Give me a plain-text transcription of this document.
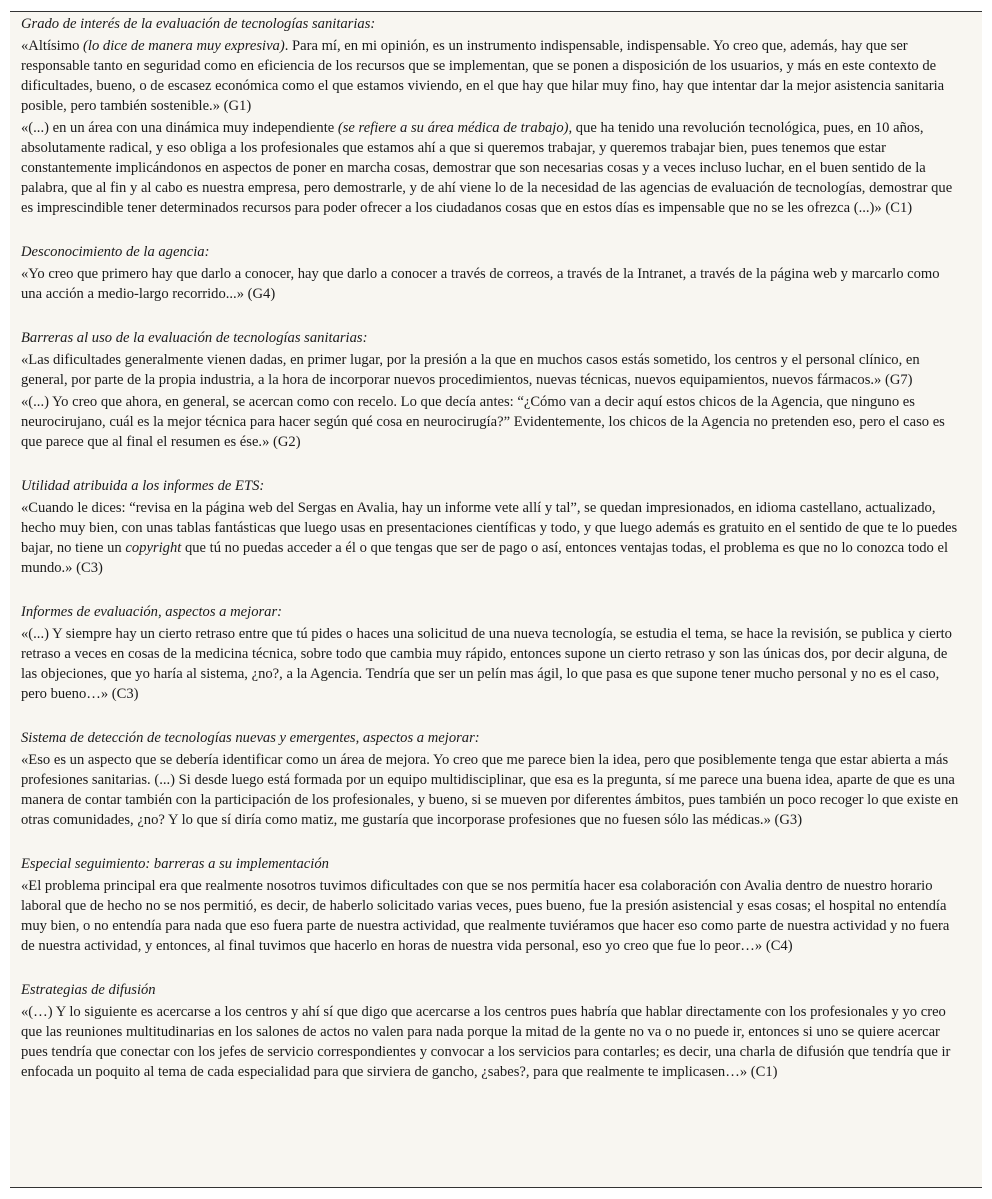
Grado de interés de la evaluación de tecnologías sanitarias:

«Altísimo (lo dice de manera muy expresiva). Para mí, en mi opinión, es un instrumento indispensable, indispensable. Yo creo que, además, hay que ser responsable tanto en seguridad como en eficiencia de los recursos que se implementan, que se ponen a disposición de los usuarios, y más en este contexto de dificultades, bueno, o de escasez económica como el que estamos viviendo, en el que hay que hilar muy fino, hay que intentar dar la mejor asistencia sanitaria posible, pero también sostenible.» (G1)

«(...) en un área con una dinámica muy independiente (se refiere a su área médica de trabajo), que ha tenido una revolución tecnológica, pues, en 10 años, absolutamente radical, y eso obliga a los profesionales que estamos ahí a que si queremos trabajar, y queremos trabajar bien, pues tenemos que estar constantemente implicándonos en aspectos de poner en marcha cosas, demostrar que son necesarias cosas y a veces incluso luchar, en el buen sentido de la palabra, que al fin y al cabo es nuestra empresa, pero demostrarle, y de ahí viene lo de la necesidad de las agencias de evaluación de tecnologías, demostrar que es imprescindible tener determinados recursos para poder ofrecer a los ciudadanos cosas que en estos días es impensable que no se les ofrezca (...)» (C1)

Desconocimiento de la agencia:

«Yo creo que primero hay que darlo a conocer, hay que darlo a conocer a través de correos, a través de la Intranet, a través de la página web y marcarlo como una acción a medio-largo recorrido...» (G4)

Barreras al uso de la evaluación de tecnologías sanitarias:

«Las dificultades generalmente vienen dadas, en primer lugar, por la presión a la que en muchos casos estás sometido, los centros y el personal clínico, en general, por parte de la propia industria, a la hora de incorporar nuevos procedimientos, nuevas técnicas, nuevos equipamientos, nuevos fármacos.» (G7)

«(...) Yo creo que ahora, en general, se acercan como con recelo. Lo que decía antes: “¿Cómo van a decir aquí estos chicos de la Agencia, que ninguno es neurocirujano, cuál es la mejor técnica para hacer según qué cosa en neurocirugía?” Evidentemente, los chicos de la Agencia no pretenden eso, pero el caso es que parece que al final el resumen es ése.» (G2)

Utilidad atribuida a los informes de ETS:

«Cuando le dices: “revisa en la página web del Sergas en Avalia, hay un informe vete allí y tal”, se quedan impresionados, en idioma castellano, actualizado, hecho muy bien, con unas tablas fantásticas que luego usas en presentaciones científicas y todo, y que luego además es gratuito en el sentido de que te lo puedes bajar, no tiene un copyright que tú no puedas acceder a él o que tengas que ser de pago o así, entonces ventajas todas, el problema es que no lo conozca todo el mundo.» (C3)

Informes de evaluación, aspectos a mejorar:

«(...) Y siempre hay un cierto retraso entre que tú pides o haces una solicitud de una nueva tecnología, se estudia el tema, se hace la revisión, se publica y cierto retraso a veces en cosas de la medicina técnica, sobre todo que cambia muy rápido, entonces supone un cierto retraso y son las únicas dos, por decir alguna, de las objeciones, que yo haría al sistema, ¿no?, a la Agencia. Tendría que ser un pelín mas ágil, lo que pasa es que supone tener mucho personal y no es el caso, pero bueno…» (C3)

Sistema de detección de tecnologías nuevas y emergentes, aspectos a mejorar:

«Eso es un aspecto que se debería identificar como un área de mejora. Yo creo que me parece bien la idea, pero que posiblemente tenga que estar abierta a más profesiones sanitarias. (...) Si desde luego está formada por un equipo multidisciplinar, que esa es la pregunta, sí me parece una buena idea, aparte de que es una manera de contar también con la participación de los profesionales, y bueno, si se mueven por diferentes ámbitos, pues también un poco recoger lo que existe en otras comunidades, ¿no? Y lo que sí diría como matiz, me gustaría que incorporase profesiones que no fuesen sólo las médicas.» (G3)

Especial seguimiento: barreras a su implementación

«El problema principal era que realmente nosotros tuvimos dificultades con que se nos permitía hacer esa colaboración con Avalia dentro de nuestro horario laboral que de hecho no se nos permitió, es decir, de haberlo solicitado varias veces, pues bueno, fue la presión asistencial y esas cosas; el hospital no entendía muy bien, o no entendía para nada que eso fuera parte de nuestra actividad, que realmente tuviéramos que hacer eso como parte de nuestra actividad y no fuera de nuestra actividad, y entonces, al final tuvimos que hacerlo en horas de nuestra vida personal, eso yo creo que fue lo peor…» (C4)

Estrategias de difusión

«(…) Y lo siguiente es acercarse a los centros y ahí sí que digo que acercarse a los centros pues habría que hablar directamente con los profesionales y yo creo que las reuniones multitudinarias en los salones de actos no valen para nada porque la mitad de la gente no va o no puede ir, entonces si uno se quiere acercar pues tendría que conectar con los jefes de servicio correspondientes y convocar a los servicios para contarles; es decir, una charla de difusión que tendría que ir enfocada un poquito al tema de cada especialidad para que sirviera de gancho, ¿sabes?, para que realmente te implicasen…» (C1)
